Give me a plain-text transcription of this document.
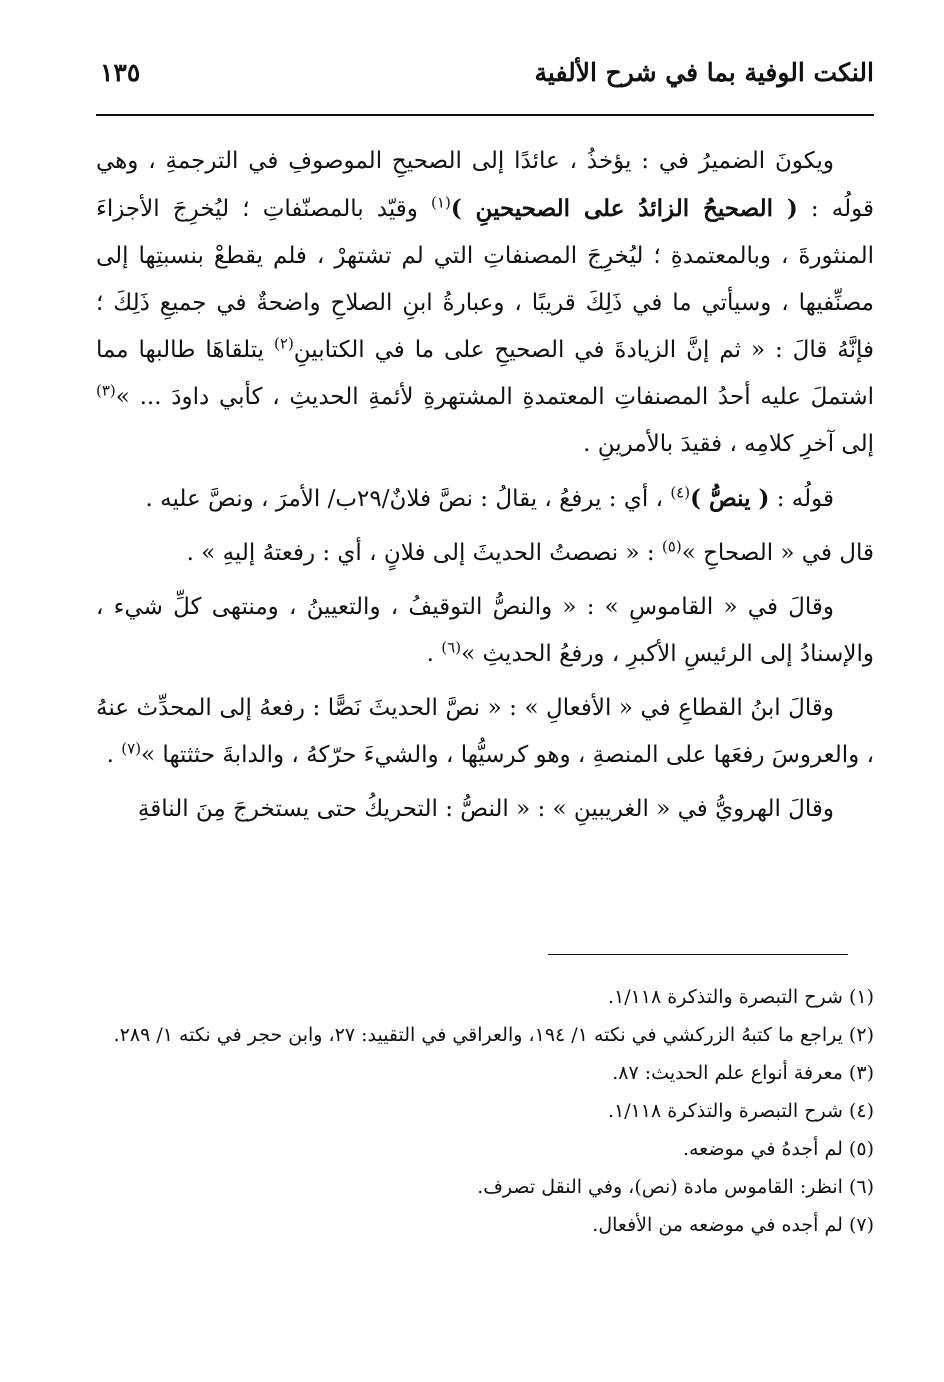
النكت الوفية بما في شرح الألفية
١٣٥

ويكونَ الضميرُ في : يؤخذُ ، عائدًا إلى الصحيحِ الموصوفِ في الترجمةِ ، وهي قولُه : ( الصحيحُ الزائدُ على الصحيحينِ )$^{(١)}$ وقيّد بالمصنّفاتِ ؛ ليُخرِجَ الأجزاءَ المنثورةَ ، وبالمعتمدةِ ؛ ليُخرِجَ المصنفاتِ التي لم تشتهرْ ، فلم يقطعْ بنسبتِها إلى مصنِّفيها ، وسيأتي ما في ذَلِكَ قريبًا ، وعبارةُ ابنِ الصلاحِ واضحةٌ في جميعِ ذَلِكَ ؛ فإنَّهُ قالَ : « ثم إنَّ الزيادةَ في الصحيحِ على ما في الكتابينِ$^{(٢)}$ يتلقاهَا طالبها مما اشتملَ عليه أحدُ المصنفاتِ المعتمدةِ المشتهرةِ لأئمةِ الحديثِ ، كأبي داودَ ... »$^{(٣)}$ إلى آخرِ كلامِه ، فقيدَ بالأمرينِ .

قولُه : ( ينصُّ )$^{(٤)}$ ، أي : يرفعُ ، يقالُ : نصَّ فلانٌ/٢٩ب/ الأمرَ ، ونصَّ عليه .

قال في « الصحاحِ »$^{(٥)}$ : « نصصتُ الحديثَ إلى فلانٍ ، أي : رفعتهُ إليهِ » .

وقالَ في « القاموسِ » : « والنصُّ التوقيفُ ، والتعيينُ ، ومنتهى كلِّ شيء ، والإسنادُ إلى الرئيسِ الأكبرِ ، ورفعُ الحديثِ »$^{(٦)}$ .

وقالَ ابنُ القطاعِ في « الأفعالِ » : « نصَّ الحديثَ نَصًّا : رفعهُ إلى المحدِّث عنهُ ، والعروسَ رفعَها على المنصةِ ، وهو كرسيُّها ، والشيءَ حرّكهُ ، والدابةَ حثثتها »$^{(٧)}$ .

وقالَ الهرويُّ في « الغريبينِ » : « النصُّ : التحريكُ حتى يستخرجَ مِنَ الناقةِ

(١) شرح التبصرة والتذكرة ١/١١٨.

(٢) يراجع ما كتبهُ الزركشي في نكته ١/ ١٩٤، والعراقي في التقييد: ٢٧، وابن حجر في نكته ١/ ٢٨٩.

(٣) معرفة أنواع علم الحديث: ٨٧.

(٤) شرح التبصرة والتذكرة ١/١١٨.

(٥) لم أجدهُ في موضعه.

(٦) انظر: القاموس مادة (نص)، وفي النقل تصرف.

(٧) لم أجده في موضعه من الأفعال.
